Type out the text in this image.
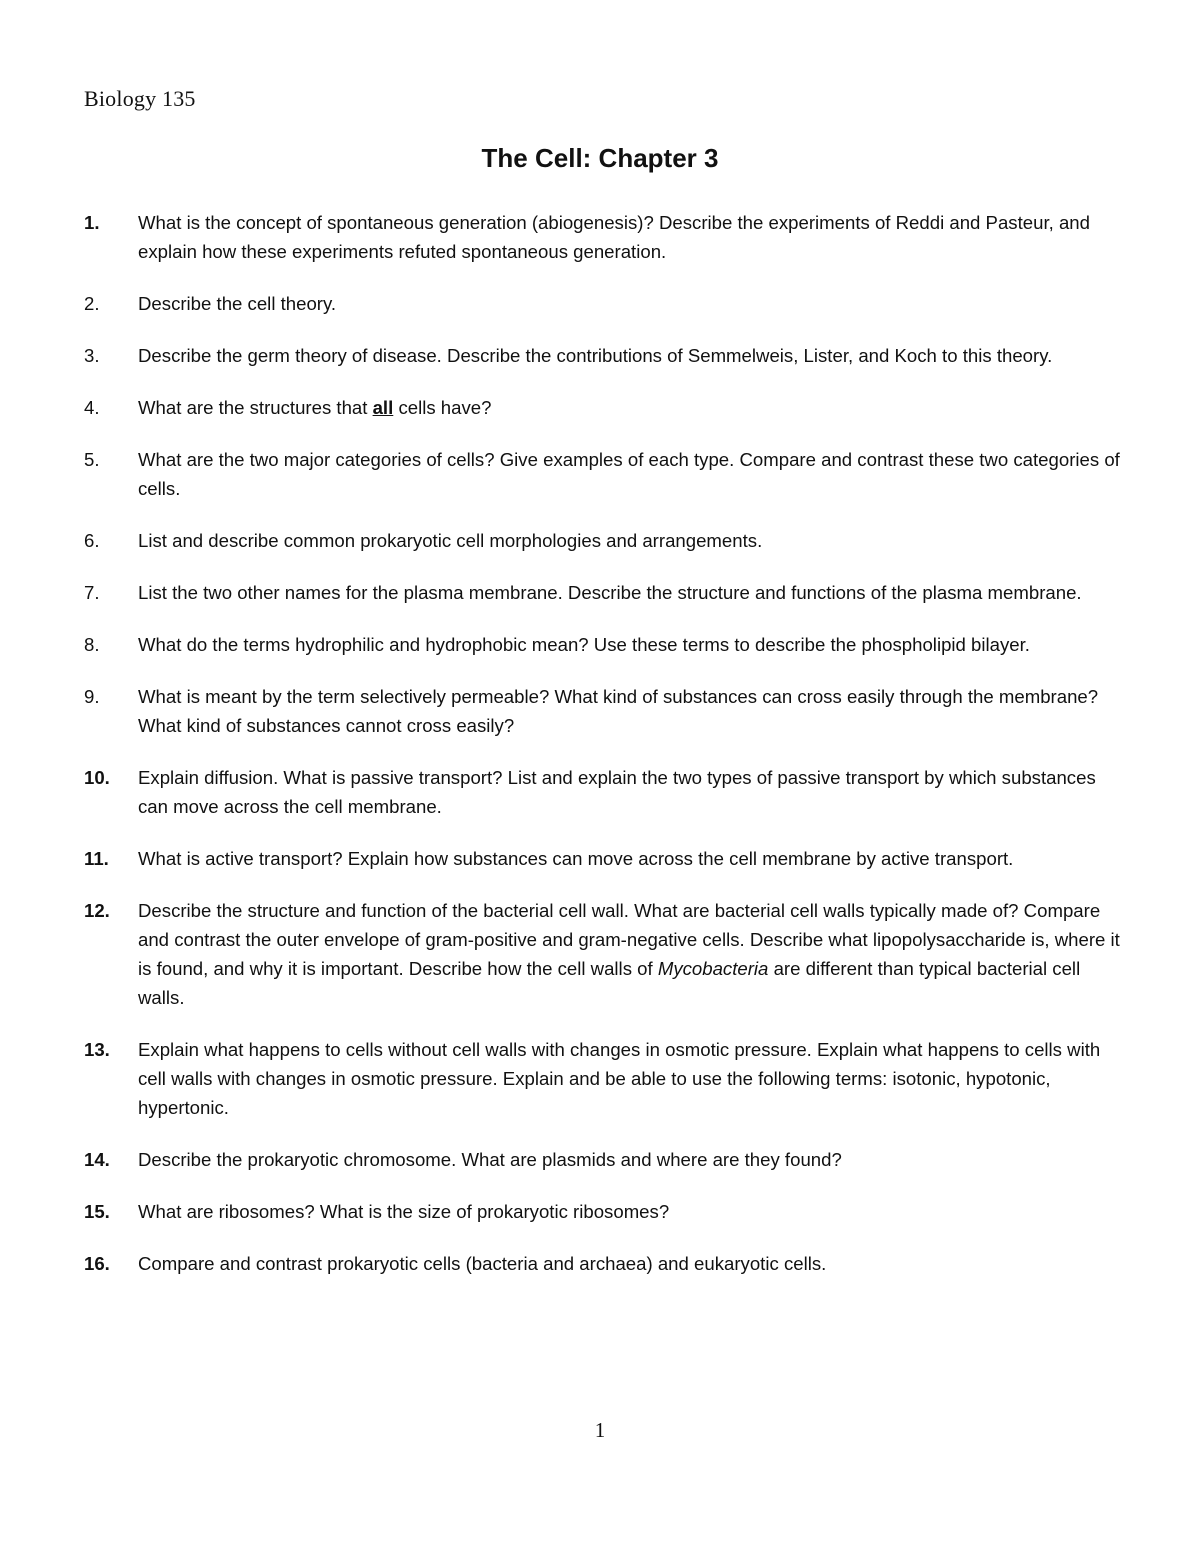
Biology 135
The Cell: Chapter 3
1. What is the concept of spontaneous generation (abiogenesis)? Describe the experiments of Reddi and Pasteur, and explain how these experiments refuted spontaneous generation.
2. Describe the cell theory.
3. Describe the germ theory of disease. Describe the contributions of Semmelweis, Lister, and Koch to this theory.
4. What are the structures that all cells have?
5. What are the two major categories of cells? Give examples of each type. Compare and contrast these two categories of cells.
6. List and describe common prokaryotic cell morphologies and arrangements.
7. List the two other names for the plasma membrane. Describe the structure and functions of the plasma membrane.
8. What do the terms hydrophilic and hydrophobic mean? Use these terms to describe the phospholipid bilayer.
9. What is meant by the term selectively permeable? What kind of substances can cross easily through the membrane? What kind of substances cannot cross easily?
10. Explain diffusion. What is passive transport? List and explain the two types of passive transport by which substances can move across the cell membrane.
11. What is active transport? Explain how substances can move across the cell membrane by active transport.
12. Describe the structure and function of the bacterial cell wall. What are bacterial cell walls typically made of? Compare and contrast the outer envelope of gram-positive and gram-negative cells. Describe what lipopolysaccharide is, where it is found, and why it is important. Describe how the cell walls of Mycobacteria are different than typical bacterial cell walls.
13. Explain what happens to cells without cell walls with changes in osmotic pressure. Explain what happens to cells with cell walls with changes in osmotic pressure. Explain and be able to use the following terms: isotonic, hypotonic, hypertonic.
14. Describe the prokaryotic chromosome. What are plasmids and where are they found?
15. What are ribosomes? What is the size of prokaryotic ribosomes?
16. Compare and contrast prokaryotic cells (bacteria and archaea) and eukaryotic cells.
1
